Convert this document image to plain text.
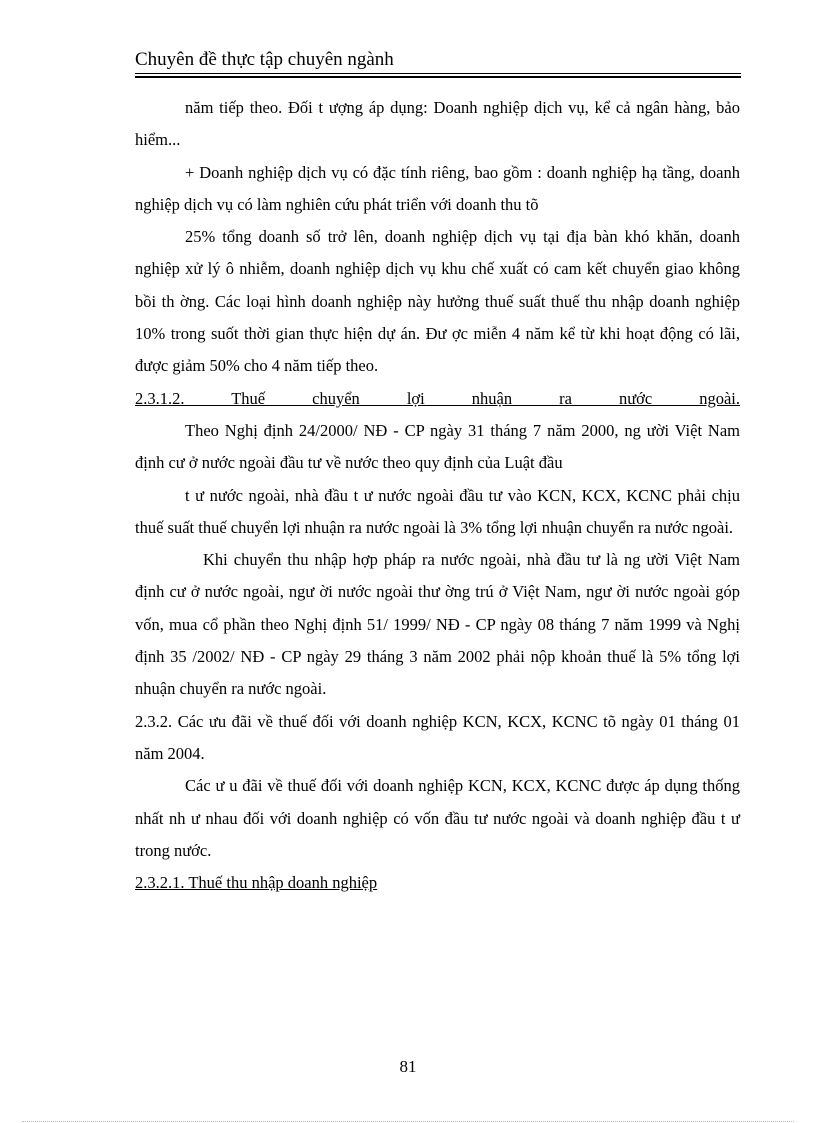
Chuyên đề thực tập chuyên ngành

năm tiếp theo. Đối t ượng áp dụng: Doanh nghiệp dịch vụ, kể cả ngân hàng, bảo hiểm...

+ Doanh nghiệp dịch vụ có đặc tính riêng, bao gồm : doanh nghiệp hạ tầng, doanh nghiệp dịch vụ có làm nghiên cứu phát triển với doanh thu tõ

25% tổng doanh số trở lên, doanh nghiệp dịch vụ tại địa bàn khó khăn, doanh nghiệp xử lý ô nhiễm, doanh nghiệp dịch vụ khu chế xuất có cam kết chuyển giao không bồi th ờng. Các loại hình doanh nghiệp này hưởng thuế suất thuế thu nhập doanh nghiệp 10% trong suốt thời gian thực hiện dự án. Đư ợc miễn 4 năm kể từ khi hoạt động có lãi, được giảm 50% cho 4 năm tiếp theo.

2.3.1.2. Thuế chuyển lợi nhuận ra nước ngoài.

Theo Nghị định 24/2000/ NĐ - CP ngày 31 tháng 7 năm 2000, ng ười Việt Nam định cư ở nước ngoài đầu tư về nước theo quy định của Luật đầu

t ư nước ngoài, nhà đầu t ư nước ngoài đầu tư vào KCN, KCX, KCNC phải chịu thuế suất thuế chuyển lợi nhuận ra nước ngoài là 3% tổng lợi nhuận chuyển ra nước ngoài.

Khi chuyển thu nhập hợp pháp ra nước ngoài, nhà đầu tư là ng ười Việt Nam định cư ở nước ngoài, ngư ời nước ngoài thư ờng trú ở Việt Nam, ngư ời nước ngoài góp vốn, mua cổ phần theo Nghị định 51/ 1999/ NĐ - CP ngày 08 tháng 7 năm 1999 và Nghị định 35 /2002/ NĐ - CP ngày 29 tháng 3 năm 2002 phải nộp khoản thuế là 5% tổng lợi nhuận chuyển ra nước ngoài.

2.3.2. Các ưu đãi về thuế đối với doanh nghiệp KCN, KCX, KCNC tõ ngày 01 tháng 01 năm 2004.

Các ư u đãi về thuế đối với doanh nghiệp KCN, KCX, KCNC được áp dụng thống nhất nh ư nhau đối với doanh nghiệp có vốn đầu tư nước ngoài và doanh nghiệp đầu t ư trong nước.

2.3.2.1. Thuế thu nhập doanh nghiệp

81
